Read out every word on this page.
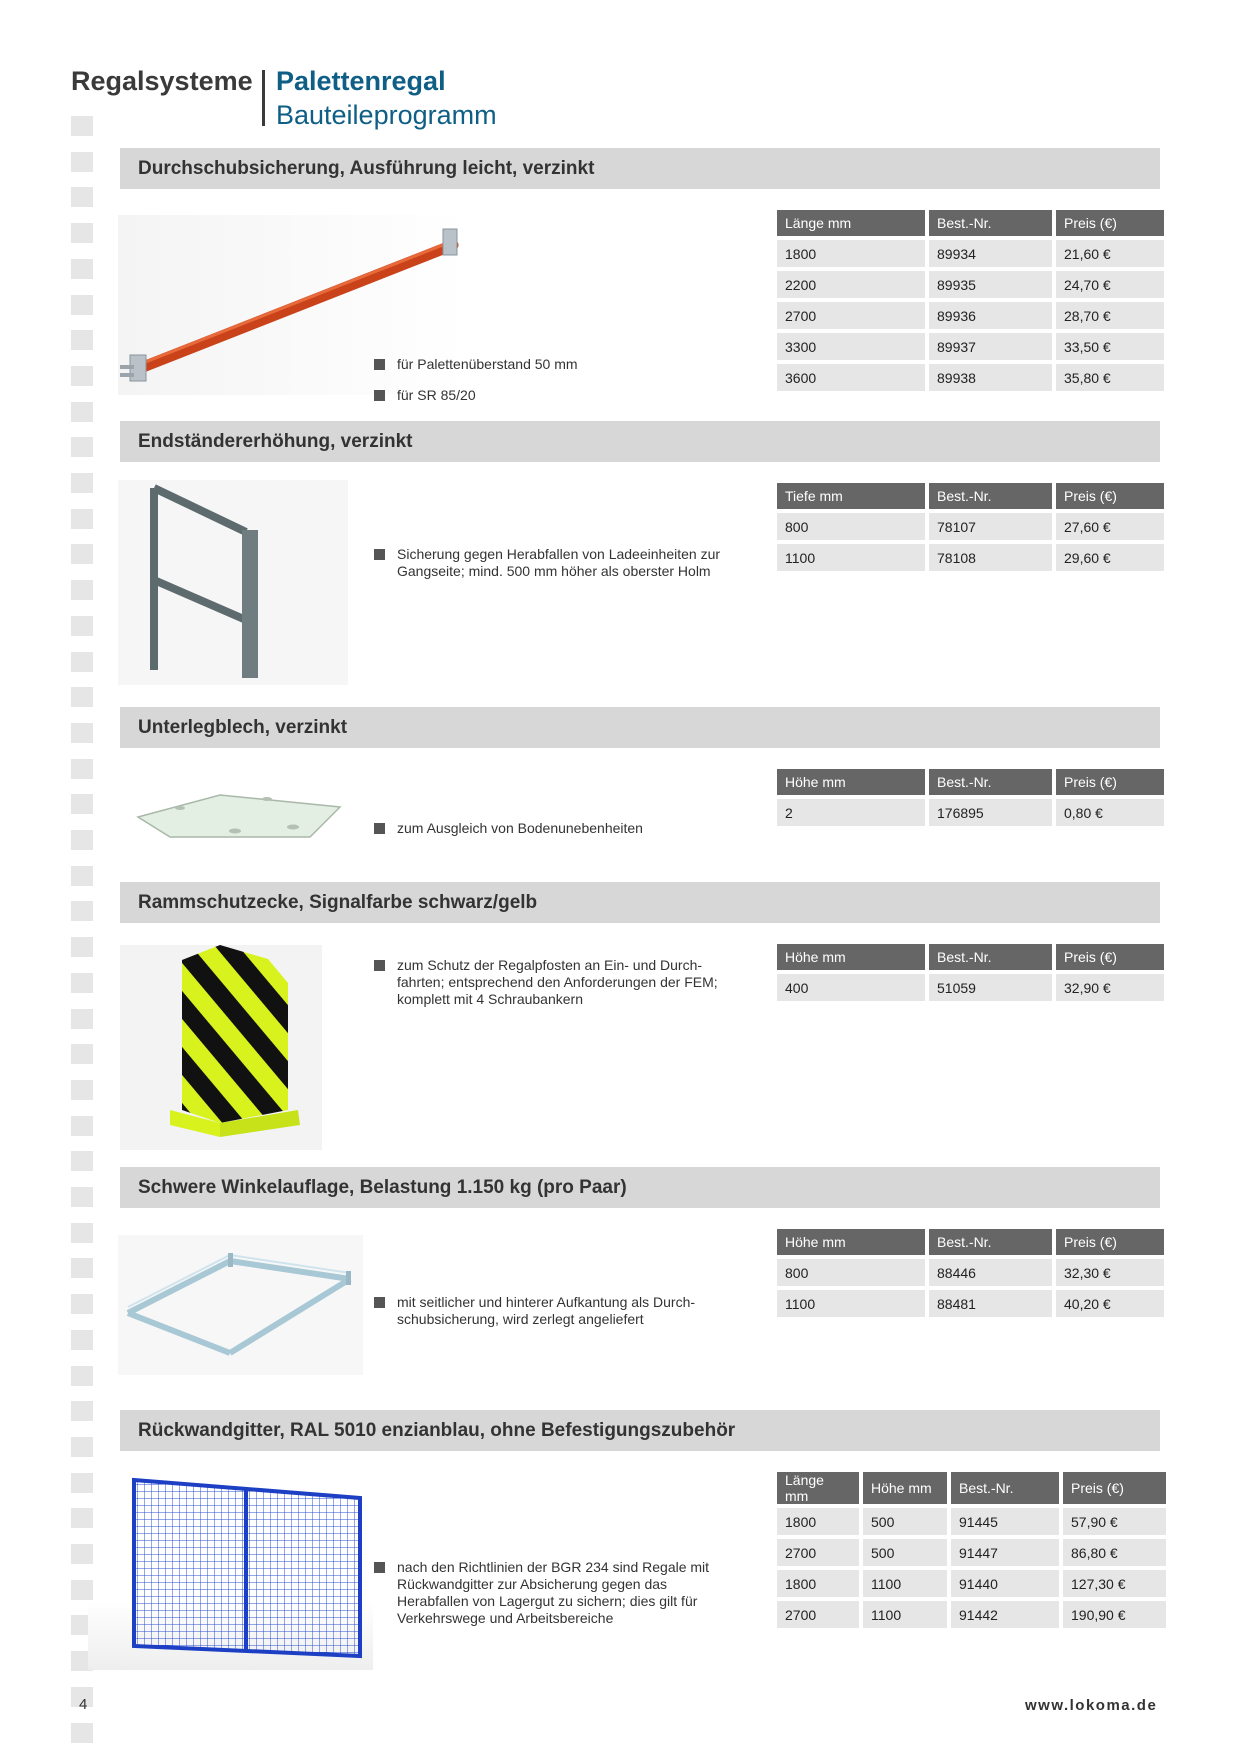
Regalsysteme Palettenregal
Bauteileprogramm
Durchschubsicherung, Ausführung leicht, verzinkt
für Palettenüberstand 50 mm
für SR 85/20
Länge mm	Best.-Nr.	Preis (€)
1800	89934	21,60 €
2200	89935	24,70 €
2700	89936	28,70 €
3300	89937	33,50 €
3600	89938	35,80 €
Endständererhöhung, verzinkt
Sicherung gegen Herabfallen von Ladeeinheiten zur Gangseite; mind. 500 mm höher als oberster Holm
Tiefe mm	Best.-Nr.	Preis (€)
800	78107	27,60 €
1100	78108	29,60 €
Unterlegblech, verzinkt
zum Ausgleich von Bodenunebenheiten
Höhe mm	Best.-Nr.	Preis (€)
2	176895	0,80 €
Rammschutzecke, Signalfarbe schwarz/gelb
zum Schutz der Regalpfosten an Ein- und Durch-fahrten; entsprechend den Anforderungen der FEM; komplett mit 4 Schraubankern
Höhe mm	Best.-Nr.	Preis (€)
400	51059	32,90 €
Schwere Winkelauflage, Belastung 1.150 kg (pro Paar)
mit seitlicher und hinterer Aufkantung als Durch-schubsicherung, wird zerlegt angeliefert
Höhe mm	Best.-Nr.	Preis (€)
800	88446	32,30 €
1100	88481	40,20 €
Rückwandgitter, RAL 5010 enzianblau, ohne Befestigungszubehör
nach den Richtlinien der BGR 234 sind Regale mit Rückwandgitter zur Absicherung gegen das Herabfallen von Lagergut zu sichern; dies gilt für Verkehrswege und Arbeitsbereiche
Länge mm	Höhe mm	Best.-Nr.	Preis (€)
1800	500	91445	57,90 €
2700	500	91447	86,80 €
1800	1100	91440	127,30 €
2700	1100	91442	190,90 €
4	www.lokoma.de
